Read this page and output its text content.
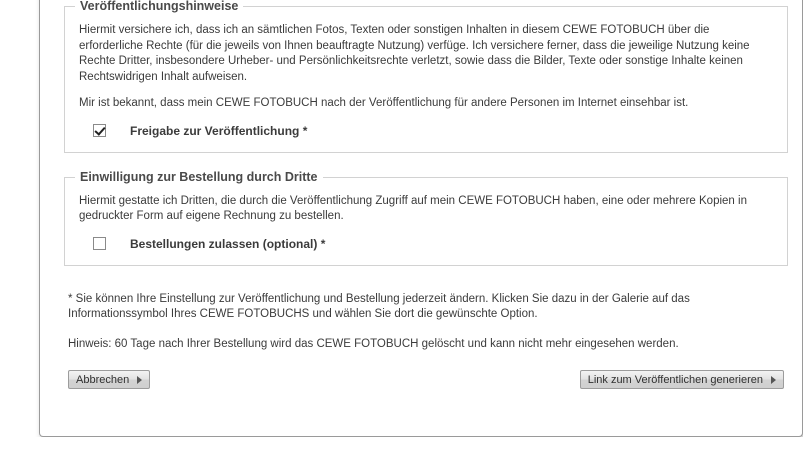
Veröffentlichungshinweise

Hiermit versichere ich, dass ich an sämtlichen Fotos, Texten oder sonstigen Inhalten in diesem CEWE FOTOBUCH über die erforderliche Rechte (für die jeweils von Ihnen beauftragte Nutzung) verfüge. Ich versichere ferner, dass die jeweilige Nutzung keine Rechte Dritter, insbesondere Urheber- und Persönlichkeitsrechte verletzt, sowie dass die Bilder, Texte oder sonstige Inhalte keinen Rechtswidrigen Inhalt aufweisen.

Mir ist bekannt, dass mein CEWE FOTOBUCH nach der Veröffentlichung für andere Personen im Internet einsehbar ist.

Freigabe zur Veröffentlichung *
Einwilligung zur Bestellung durch Dritte

Hiermit gestatte ich Dritten, die durch die Veröffentlichung Zugriff auf mein CEWE FOTOBUCH haben, eine oder mehrere Kopien in gedruckter Form auf eigene Rechnung zu bestellen.

Bestellungen zulassen (optional) *

* Sie können Ihre Einstellung zur Veröffentlichung und Bestellung jederzeit ändern. Klicken Sie dazu in der Galerie auf das Informationssymbol Ihres CEWE FOTOBUCHS und wählen Sie dort die gewünschte Option.

Hinweis: 60 Tage nach Ihrer Bestellung wird das CEWE FOTOBUCH gelöscht und kann nicht mehr eingesehen werden.

Abbrechen	Link zum Veröffentlichen generieren
